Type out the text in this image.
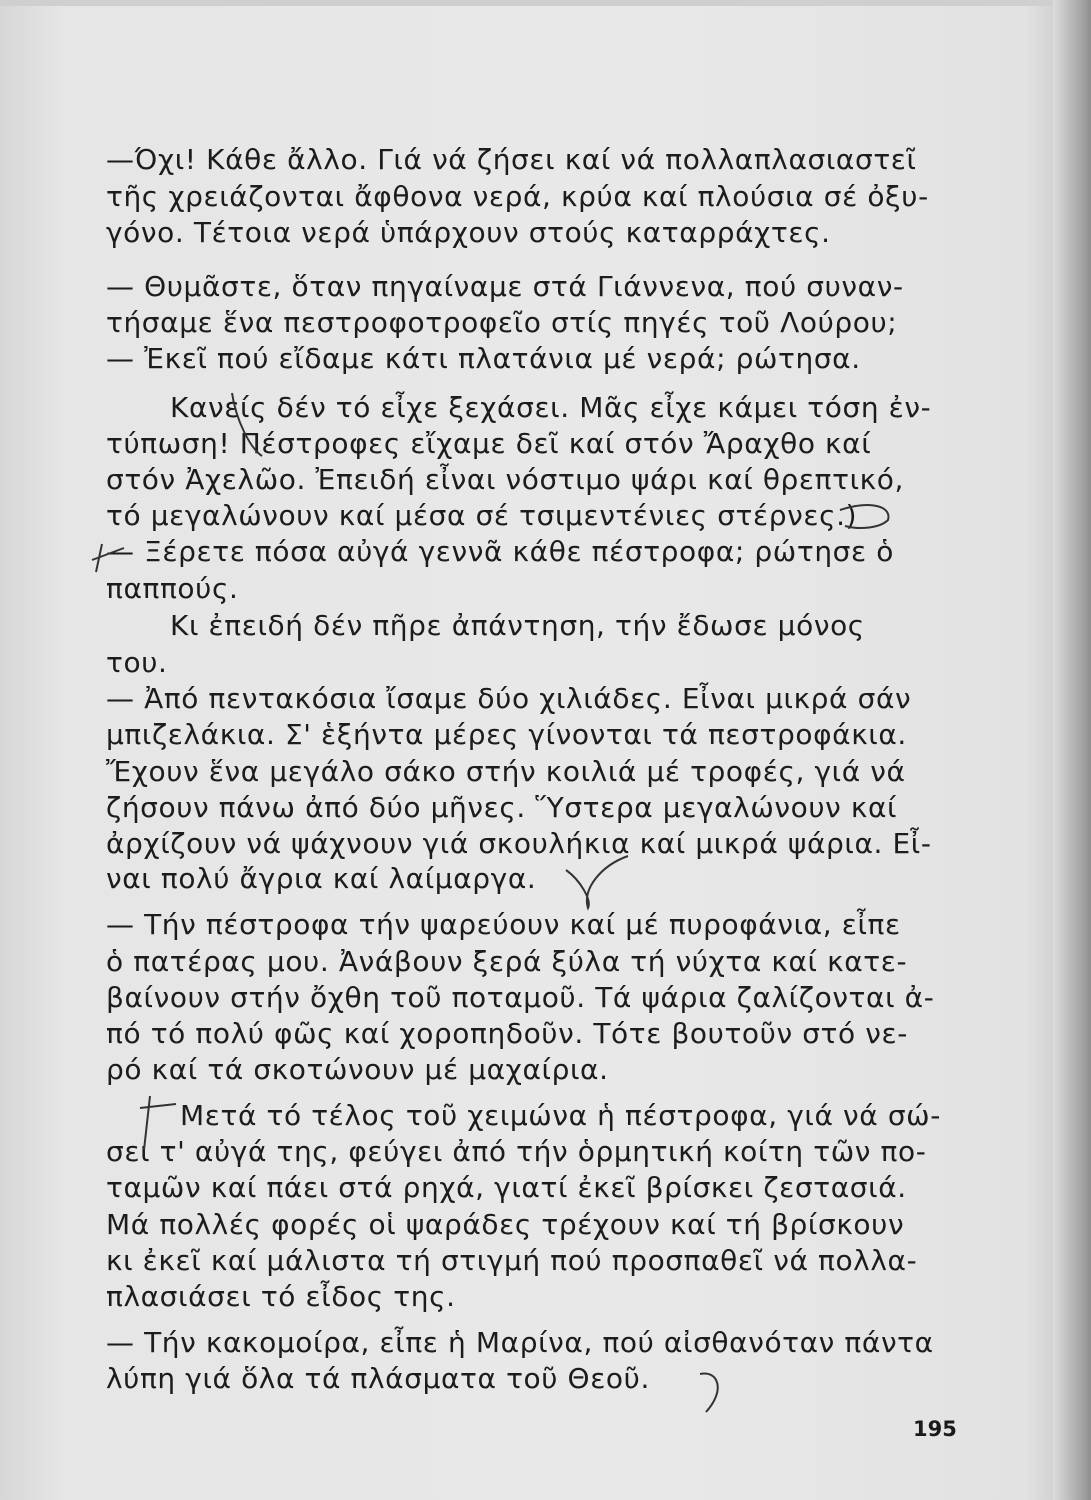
—Όχι! Κάθε ἄλλο. Γιά νά ζήσει καί νά πολλαπλασιαστεῖ

τῆς χρειάζονται ἄφθονα νερά, κρύα καί πλούσια σέ ὀξυ-

γόνο. Τέτοια νερά ὑπάρχουν στούς καταρράχτες.

— Θυμᾶστε, ὅταν πηγαίναμε στά Γιάννενα, πού συναν-

τήσαμε ἕνα πεστροφοτροφεῖο στίς πηγές τοῦ Λούρου;

— Ἐκεῖ πού εἴδαμε κάτι πλατάνια μέ νερά; ρώτησα.

Κανείς δέν τό εἶχε ξεχάσει. Μᾶς εἶχε κάμει τόση ἐν-

τύπωση! Πέστροφες εἴχαμε δεῖ καί στόν Ἄραχθο καί

στόν Ἀχελῶο. Ἐπειδή εἶναι νόστιμο ψάρι καί θρεπτικό,

τό μεγαλώνουν καί μέσα σέ τσιμεντένιες στέρνες.)

— Ξέρετε πόσα αὐγά γεννᾶ κάθε πέστροφα; ρώτησε ὁ

παππούς.

Κι ἐπειδή δέν πῆρε ἀπάντηση, τήν ἔδωσε μόνος

του.

— Ἀπό πεντακόσια ἴσαμε δύο χιλιάδες. Εἶναι μικρά σάν

μπιζελάκια. Σ' ἑξήντα μέρες γίνονται τά πεστροφάκια.

Ἔχουν ἕνα μεγάλο σάκο στήν κοιλιά μέ τροφές, γιά νά

ζήσουν πάνω ἀπό δύο μῆνες. Ὕστερα μεγαλώνουν καί

ἀρχίζουν νά ψάχνουν γιά σκουλήκια καί μικρά ψάρια. Εἶ-

ναι πολύ ἄγρια καί λαίμαργα.

— Τήν πέστροφα τήν ψαρεύουν καί μέ πυροφάνια, εἶπε

ὁ πατέρας μου. Ἀνάβουν ξερά ξύλα τή νύχτα καί κατε-

βαίνουν στήν ὄχθη τοῦ ποταμοῦ. Τά ψάρια ζαλίζονται ἀ-

πό τό πολύ φῶς καί χοροπηδοῦν. Τότε βουτοῦν στό νε-

ρό καί τά σκοτώνουν μέ μαχαίρια.

Μετά τό τέλος τοῦ χειμώνα ἡ πέστροφα, γιά νά σώ-

σει τ' αὐγά της, φεύγει ἀπό τήν ὁρμητική κοίτη τῶν πο-

ταμῶν καί πάει στά ρηχά, γιατί ἐκεῖ βρίσκει ζεστασιά.

Μά πολλές φορές οἱ ψαράδες τρέχουν καί τή βρίσκουν

κι ἐκεῖ καί μάλιστα τή στιγμή πού προσπαθεῖ νά πολλα-

πλασιάσει τό εἶδος της.

— Τήν κακομοίρα, εἶπε ἡ Μαρίνα, πού αἰσθανόταν πάντα

λύπη γιά ὅλα τά πλάσματα τοῦ Θεοῦ.

195
